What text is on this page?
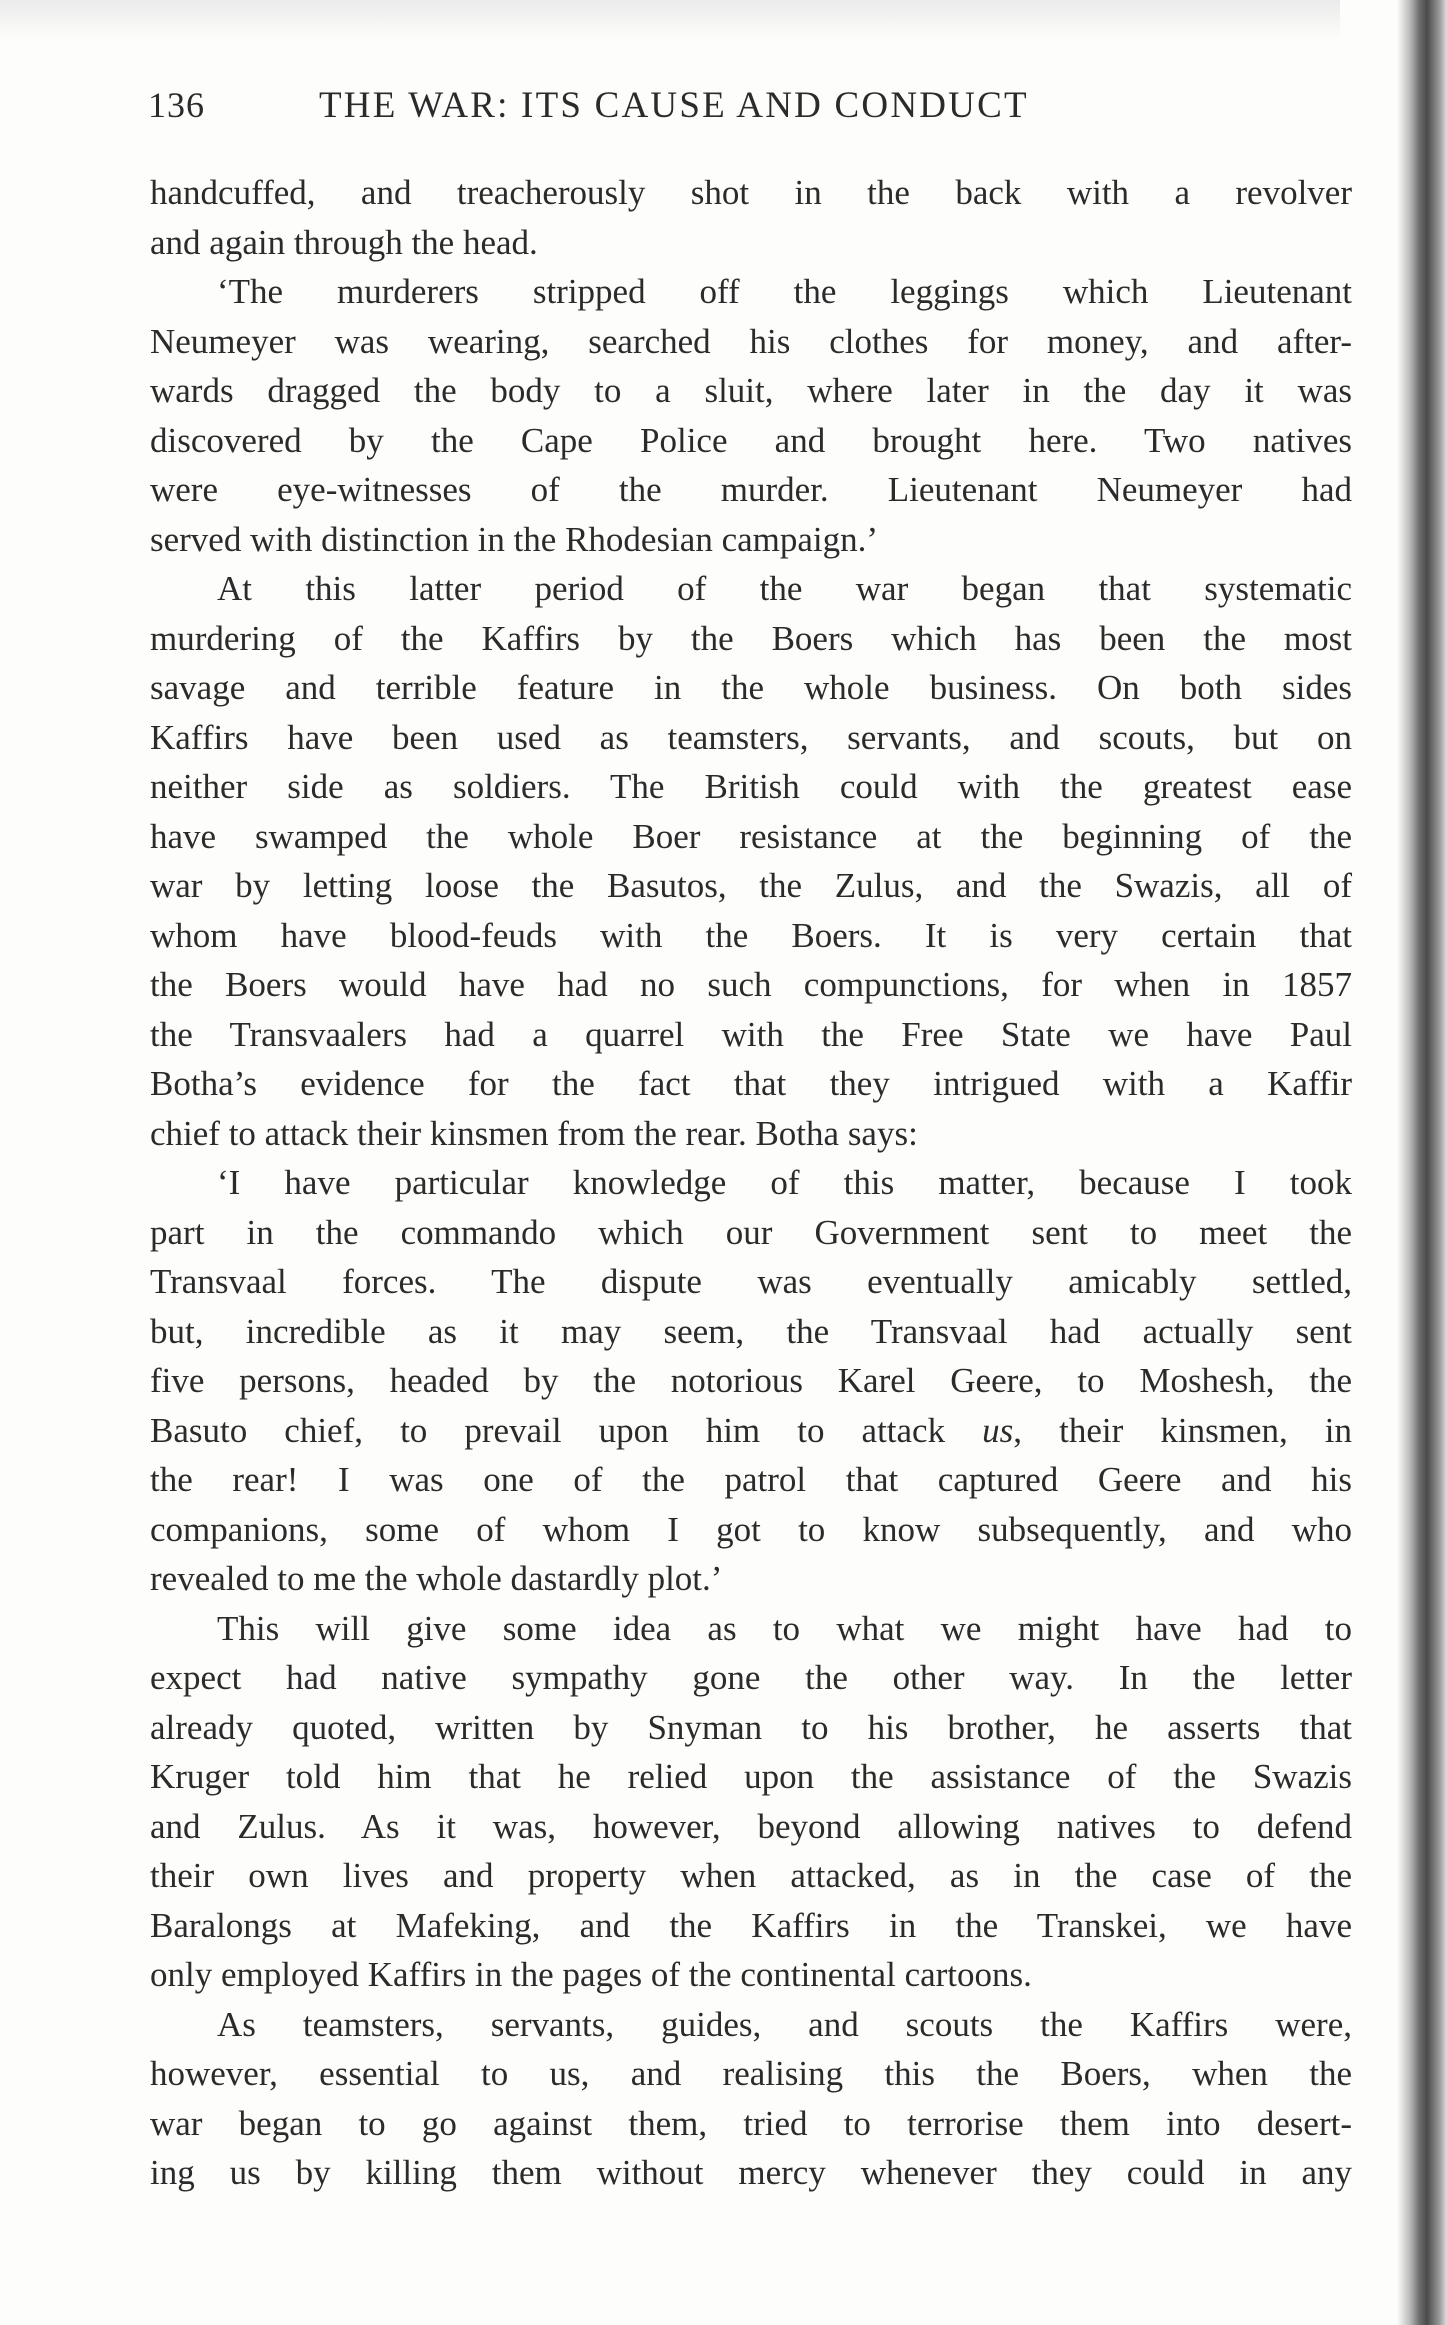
136	THE WAR: ITS CAUSE AND CONDUCT
handcuffed, and treacherously shot in the back with a revolver
and again through the head.
‘The murderers stripped off the leggings which Lieutenant
Neumeyer was wearing, searched his clothes for money, and after-
wards dragged the body to a sluit, where later in the day it was
discovered by the Cape Police and brought here. Two natives
were eye-witnesses of the murder. Lieutenant Neumeyer had
served with distinction in the Rhodesian campaign.’
At this latter period of the war began that systematic
murdering of the Kaffirs by the Boers which has been the most
savage and terrible feature in the whole business. On both sides
Kaffirs have been used as teamsters, servants, and scouts, but on
neither side as soldiers. The British could with the greatest ease
have swamped the whole Boer resistance at the beginning of the
war by letting loose the Basutos, the Zulus, and the Swazis, all of
whom have blood-feuds with the Boers. It is very certain that
the Boers would have had no such compunctions, for when in 1857
the Transvaalers had a quarrel with the Free State we have Paul
Botha’s evidence for the fact that they intrigued with a Kaffir
chief to attack their kinsmen from the rear. Botha says:
‘I have particular knowledge of this matter, because I took
part in the commando which our Government sent to meet the
Transvaal forces. The dispute was eventually amicably settled,
but, incredible as it may seem, the Transvaal had actually sent
five persons, headed by the notorious Karel Geere, to Moshesh, the
Basuto chief, to prevail upon him to attack us, their kinsmen, in
the rear! I was one of the patrol that captured Geere and his
companions, some of whom I got to know subsequently, and who
revealed to me the whole dastardly plot.’
This will give some idea as to what we might have had to
expect had native sympathy gone the other way. In the letter
already quoted, written by Snyman to his brother, he asserts that
Kruger told him that he relied upon the assistance of the Swazis
and Zulus. As it was, however, beyond allowing natives to defend
their own lives and property when attacked, as in the case of the
Baralongs at Mafeking, and the Kaffirs in the Transkei, we have
only employed Kaffirs in the pages of the continental cartoons.
As teamsters, servants, guides, and scouts the Kaffirs were,
however, essential to us, and realising this the Boers, when the
war began to go against them, tried to terrorise them into desert-
ing us by killing them without mercy whenever they could in any
